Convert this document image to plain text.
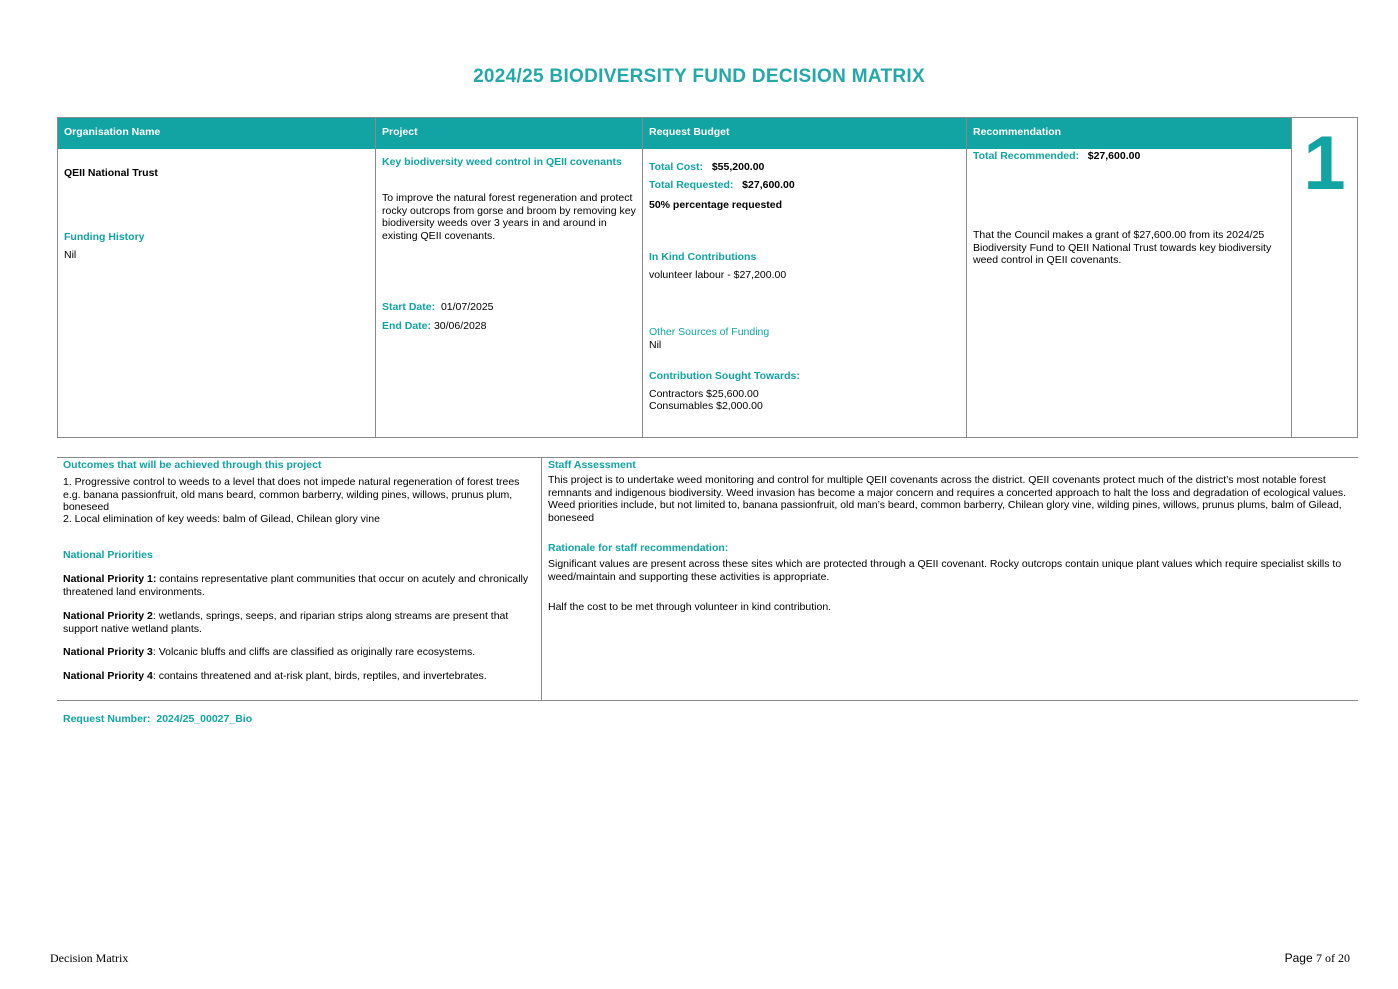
2024/25 BIODIVERSITY FUND DECISION MATRIX
Organisation Name
QEII National Trust
Funding History
Nil
Project
Key biodiversity weed control in QEII covenants
To improve the natural forest regeneration and protect rocky outcrops from gorse and broom by removing key biodiversity weeds over 3 years in and around in existing QEII covenants.
Start Date: 01/07/2025
End Date: 30/06/2028
Request Budget
Total Cost: $55,200.00
Total Requested: $27,600.00
50% percentage requested
In Kind Contributions
volunteer labour - $27,200.00
Other Sources of Funding
Nil
Contribution Sought Towards:
Contractors $25,600.00
Consumables $2,000.00
Recommendation
Total Recommended: $27,600.00
That the Council makes a grant of $27,600.00 from its 2024/25 Biodiversity Fund to QEII National Trust towards key biodiversity weed control in QEII covenants.
1
Outcomes that will be achieved through this project
1. Progressive control to weeds to a level that does not impede natural regeneration of forest trees e.g. banana passionfruit, old mans beard, common barberry, wilding pines, willows, prunus plum, boneseed
2. Local elimination of key weeds: balm of Gilead, Chilean glory vine
National Priorities
National Priority 1: contains representative plant communities that occur on acutely and chronically threatened land environments.
National Priority 2: wetlands, springs, seeps, and riparian strips along streams are present that support native wetland plants.
National Priority 3: Volcanic bluffs and cliffs are classified as originally rare ecosystems.
National Priority 4: contains threatened and at-risk plant, birds, reptiles, and invertebrates.
Staff Assessment
This project is to undertake weed monitoring and control for multiple QEII covenants across the district. QEII covenants protect much of the district’s most notable forest remnants and indigenous biodiversity. Weed invasion has become a major concern and requires a concerted approach to halt the loss and degradation of ecological values. Weed priorities include, but not limited to, banana passionfruit, old man’s beard, common barberry, Chilean glory vine, wilding pines, willows, prunus plums, balm of Gilead, boneseed
Rationale for staff recommendation:
Significant values are present across these sites which are protected through a QEII covenant. Rocky outcrops contain unique plant values which require specialist skills to weed/maintain and supporting these activities is appropriate.
Half the cost to be met through volunteer in kind contribution.
Request Number: 2024/25_00027_Bio
Decision Matrix	Page 7 of 20
